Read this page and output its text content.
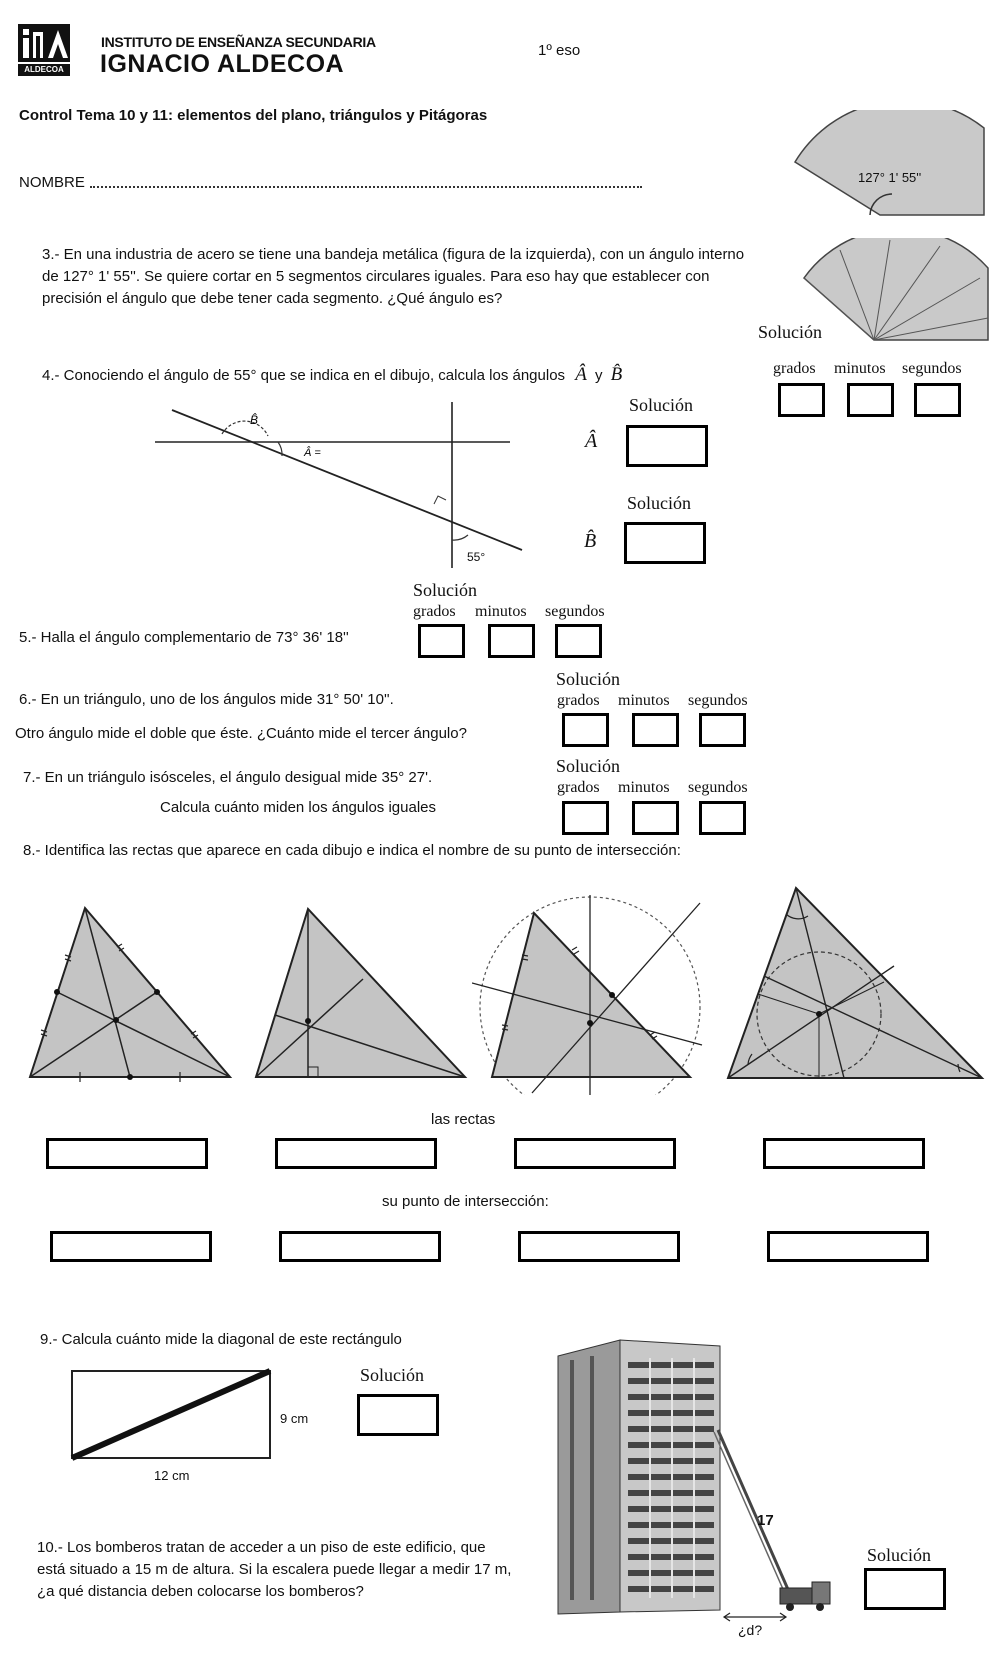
ALDECOA
INSTITUTO DE ENSEÑANZA SECUNDARIA
IGNACIO ALDECOA	1º eso
Control Tema 10 y 11: elementos del plano, triángulos y Pitágoras
NOMBRE	127° 1' 55''
3.- En una industria de acero se tiene una bandeja metálica (figura de la izquierda), con un ángulo interno de 127° 1' 55''. Se quiere cortar en 5 segmentos circulares iguales. Para eso hay que establecer con precisión el ángulo que debe tener cada segmento. ¿Qué ángulo es?
Solución
grados minutos segundos
4.- Conociendo el ángulo de 55° que se indica en el dibujo, calcula los ángulos Â y B̂
B̂
Â =
55°
Solución
Â
Solución
B̂
Solución
grados minutos segundos
5.- Halla el ángulo complementario de 73° 36' 18''
Solución
grados minutos segundos
6.- En un triángulo, uno de los ángulos mide 31° 50' 10''.
Otro ángulo mide el doble que éste. ¿Cuánto mide el tercer ángulo?
Solución
grados minutos segundos
7.- En un triángulo isósceles, el ángulo desigual mide 35° 27'.
Calcula cuánto miden los ángulos iguales
8.- Identifica las rectas que aparece en cada dibujo e indica el nombre de su punto de intersección:
las rectas
su punto de intersección:
9.- Calcula cuánto mide la diagonal de este rectángulo
9 cm
12 cm
Solución
10.- Los bomberos tratan de acceder a un piso de este edificio, que está situado a 15 m de altura. Si la escalera puede llegar a medir 17 m, ¿a qué distancia deben colocarse los bomberos?
17
¿d?
Solución
